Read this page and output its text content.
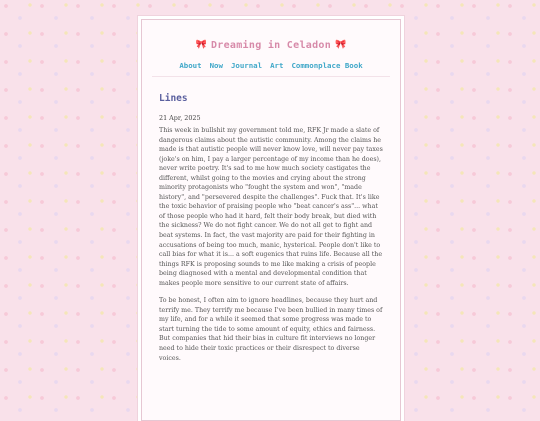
🎀 Dreaming in Celadon 🎀
About Now Journal Art Commonplace Book
Lines
21 Apr, 2025

This week in bullshit my government told me, RFK Jr made a slate of dangerous claims about the autistic community. Among the claims he made is that autistic people will never know love, will never pay taxes (joke's on him, I pay a larger percentage of my income than he does), never write poetry. It's sad to me how much society castigates the different, whilst going to the movies and crying about the strong minority protagonists who "fought the system and won", "made history", and "persevered despite the challenges". Fuck that. It's like the toxic behavior of praising people who "beat cancer's ass"... what of those people who had it hard, felt their body break, but died with the sickness? We do not fight cancer. We do not all get to fight and beat systems. In fact, the vast majority are paid for their fighting in accusations of being too much, manic, hysterical. People don't like to call bias for what it is... a soft eugenics that ruins life. Because all the things RFK is proposing sounds to me like making a crisis of people being diagnosed with a mental and developmental condition that makes people more sensitive to our current state of affairs.

To be honest, I often aim to ignore headlines, because they hurt and terrify me. They terrify me because I've been bullied in many times of my life, and for a while it seemed that some progress was made to start turning the tide to some amount of equity, ethics and fairness. But companies that hid their bias in culture fit interviews no longer need to hide their toxic practices or their disrespect to diverse voices.
